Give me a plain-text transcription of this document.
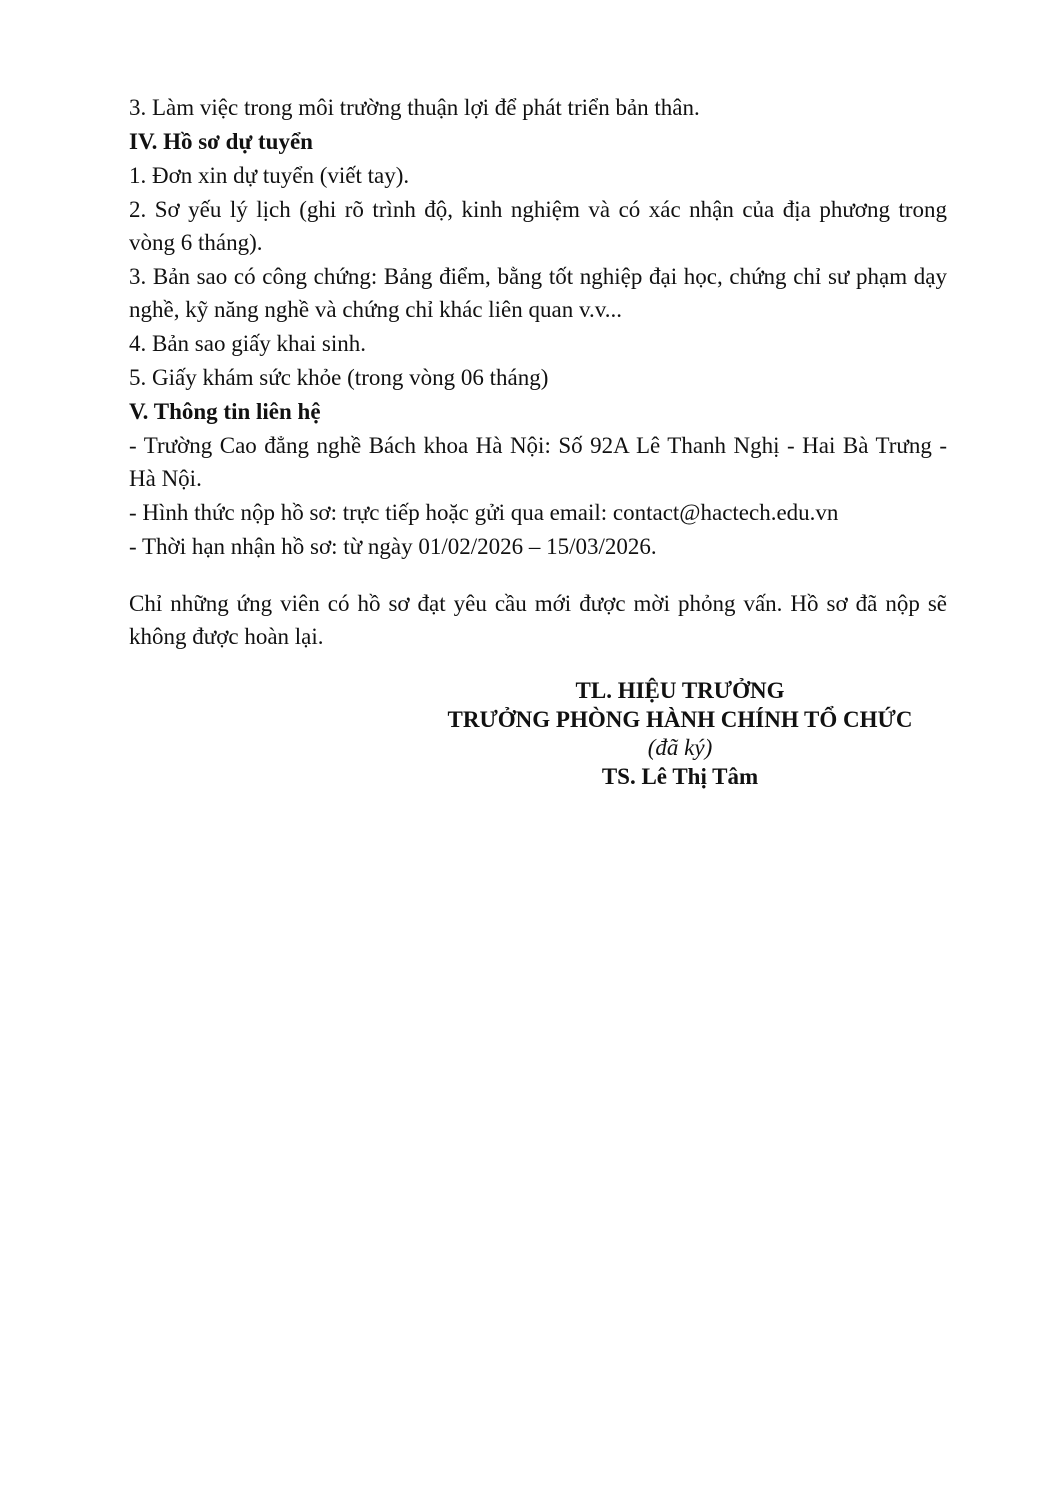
3. Làm việc trong môi trường thuận lợi để phát triển bản thân.
IV. Hồ sơ dự tuyển
1. Đơn xin dự tuyển (viết tay).
2. Sơ yếu lý lịch (ghi rõ trình độ, kinh nghiệm và có xác nhận của địa phương trong vòng 6 tháng).
3. Bản sao có công chứng: Bảng điểm, bằng tốt nghiệp đại học, chứng chỉ sư phạm dạy nghề, kỹ năng nghề và chứng chỉ khác liên quan v.v...
4. Bản sao giấy khai sinh.
5. Giấy khám sức khỏe (trong vòng 06 tháng)
V. Thông tin liên hệ
- Trường Cao đẳng nghề Bách khoa Hà Nội: Số 92A Lê Thanh Nghị - Hai Bà Trưng - Hà Nội.
- Hình thức nộp hồ sơ: trực tiếp hoặc gửi qua email: contact@hactech.edu.vn
- Thời hạn nhận hồ sơ: từ ngày 01/02/2026 – 15/03/2026.
Chỉ những ứng viên có hồ sơ đạt yêu cầu mới được mời phỏng vấn. Hồ sơ đã nộp sẽ không được hoàn lại.
TL. HIỆU TRƯỞNG
TRƯỞNG PHÒNG HÀNH CHÍNH TỔ CHỨC
(đã ký)
TS. Lê Thị Tâm
